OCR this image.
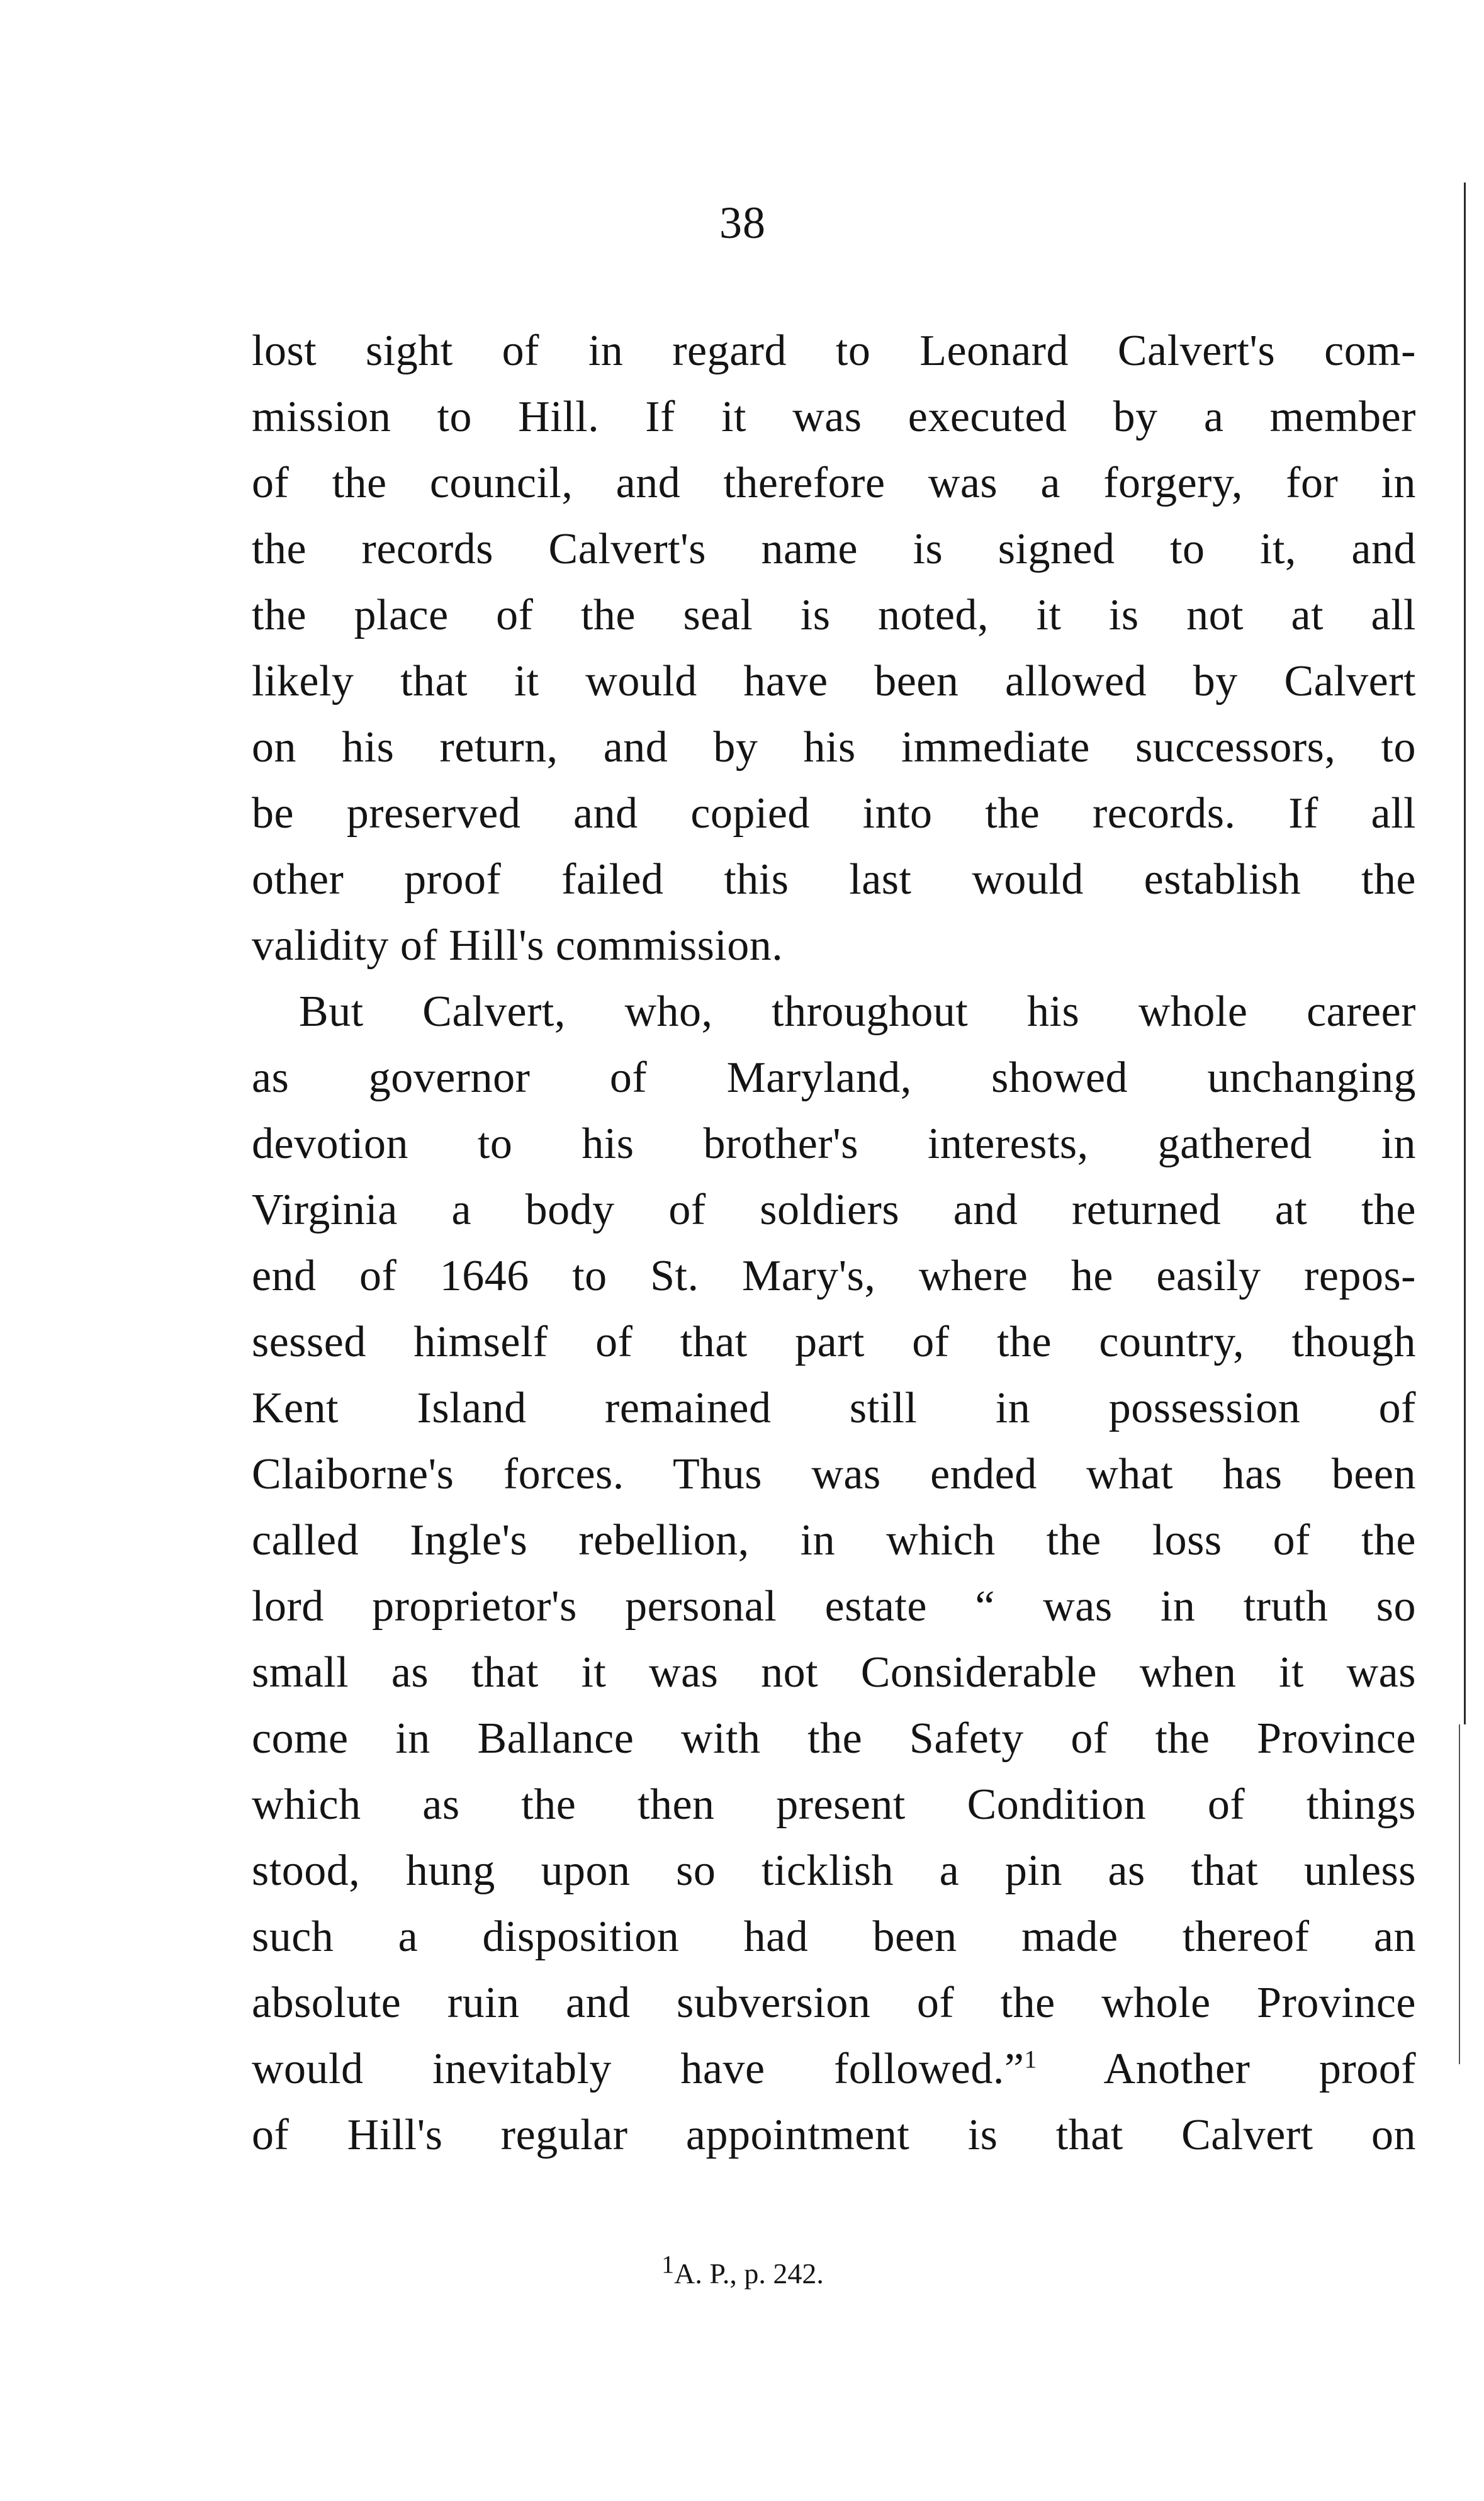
38
lost sight of in regard to Leonard Calvert's com-
mission to Hill. If it was executed by a member
of the council, and therefore was a forgery, for in
the records Calvert's name is signed to it, and
the place of the seal is noted, it is not at all
likely that it would have been allowed by Calvert
on his return, and by his immediate successors, to
be preserved and copied into the records. If all
other proof failed this last would establish the
validity of Hill's commission.
But Calvert, who, throughout his whole career
as governor of Maryland, showed unchanging
devotion to his brother's interests, gathered in
Virginia a body of soldiers and returned at the
end of 1646 to St. Mary's, where he easily repos-
sessed himself of that part of the country, though
Kent Island remained still in possession of
Claiborne's forces. Thus was ended what has been
called Ingle's rebellion, in which the loss of the
lord proprietor's personal estate “ was in truth so
small as that it was not Considerable when it was
come in Ballance with the Safety of the Province
which as the then present Condition of things
stood, hung upon so ticklish a pin as that unless
such a disposition had been made thereof an
absolute ruin and subversion of the whole Province
would inevitably have followed.”$^1$ Another proof
of Hill's regular appointment is that Calvert on
$^1$A. P., p. 242.
